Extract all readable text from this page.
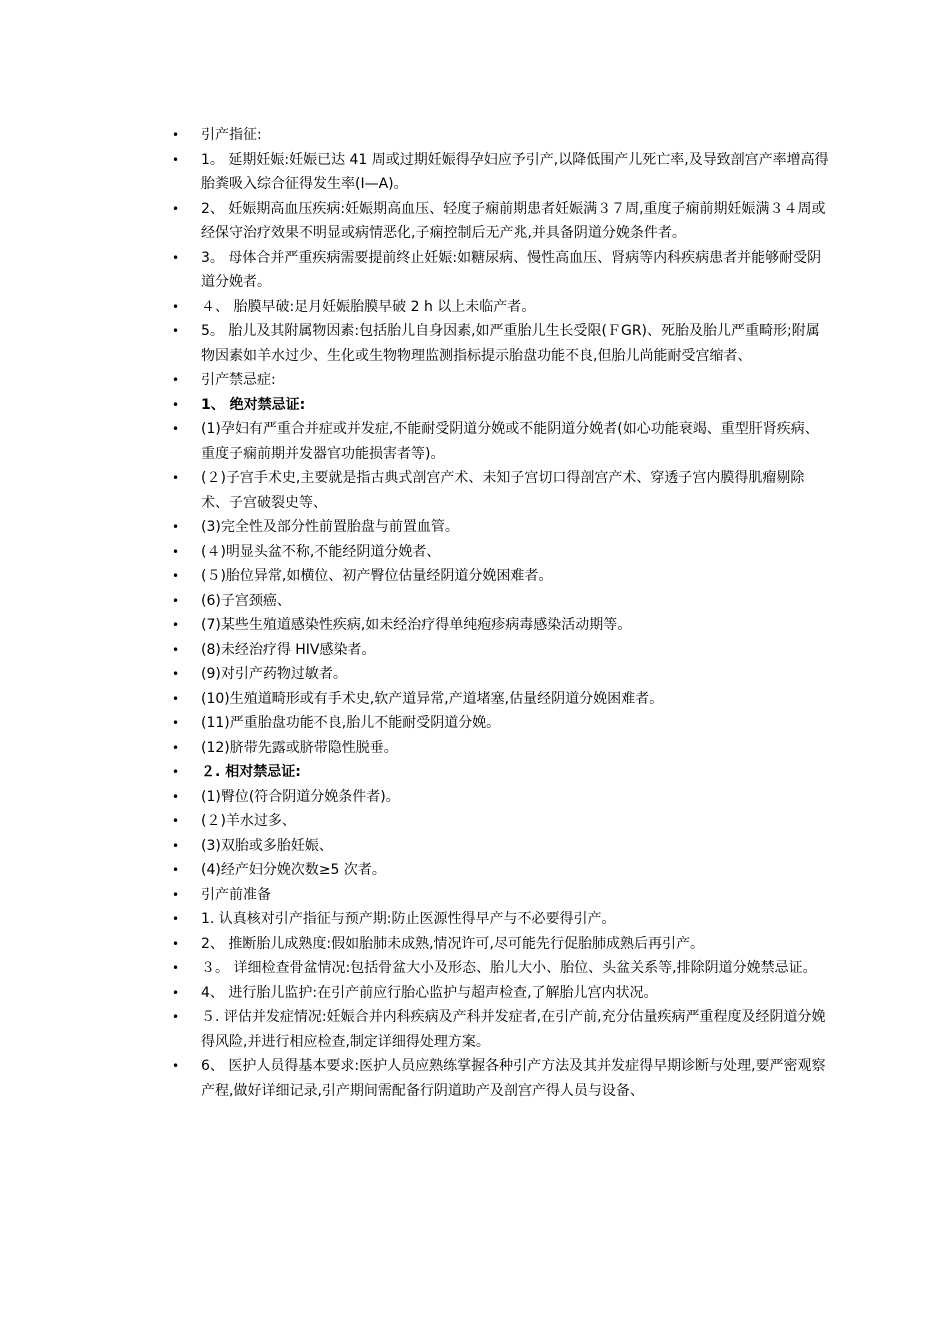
•	引产指征:
•	1。 延期妊娠:妊娠已达 41 周或过期妊娠得孕妇应予引产,以降低围产儿死亡率,及导致剖宫产率增高得胎粪吸入综合征得发生率(Ⅰ—A)。
•	2、 妊娠期高血压疾病:妊娠期高血压、轻度子痫前期患者妊娠满３７周,重度子痫前期妊娠满３４周或经保守治疗效果不明显或病情恶化,子痫控制后无产兆,并具备阴道分娩条件者。
•	3。 母体合并严重疾病需要提前终止妊娠:如糖尿病、慢性高血压、肾病等内科疾病患者并能够耐受阴道分娩者。
•	４、 胎膜早破:足月妊娠胎膜早破 2 h 以上未临产者。
•	5。 胎儿及其附属物因素:包括胎儿自身因素,如严重胎儿生长受限(ＦGR)、死胎及胎儿严重畸形;附属物因素如羊水过少、生化或生物物理监测指标提示胎盘功能不良,但胎儿尚能耐受宫缩者、
•	引产禁忌症:
•	1、 绝对禁忌证:
•	(1)孕妇有严重合并症或并发症,不能耐受阴道分娩或不能阴道分娩者(如心功能衰竭、重型肝肾疾病、重度子痫前期并发器官功能损害者等)。
•	(２)子宫手术史,主要就是指古典式剖宫产术、未知子宫切口得剖宫产术、穿透子宫内膜得肌瘤剔除术、子宫破裂史等、
•	(3)完全性及部分性前置胎盘与前置血管。
•	(４)明显头盆不称,不能经阴道分娩者、
•	(５)胎位异常,如横位、初产臀位估量经阴道分娩困难者。
•	(6)子宫颈癌、
•	(7)某些生殖道感染性疾病,如未经治疗得单纯疱疹病毒感染活动期等。
•	(8)未经治疗得 HIⅤ感染者。
•	(9)对引产药物过敏者。
•	(10)生殖道畸形或有手术史,软产道异常,产道堵塞,估量经阴道分娩困难者。
•	(11)严重胎盘功能不良,胎儿不能耐受阴道分娩。
•	(12)脐带先露或脐带隐性脱垂。
•	２. 相对禁忌证:
•	(1)臀位(符合阴道分娩条件者)。
•	(２)羊水过多、
•	(3)双胎或多胎妊娠、
•	(4)经产妇分娩次数≥5 次者。
•	引产前准备
•	1. 认真核对引产指征与预产期:防止医源性得早产与不必要得引产。
•	2、 推断胎儿成熟度:假如胎肺未成熟,情况许可,尽可能先行促胎肺成熟后再引产。
•	３。 详细检查骨盆情况:包括骨盆大小及形态、胎儿大小、胎位、头盆关系等,排除阴道分娩禁忌证。
•	4、 进行胎儿监护:在引产前应行胎心监护与超声检查,了解胎儿宫内状况。
•	５. 评估并发症情况:妊娠合并内科疾病及产科并发症者,在引产前,充分估量疾病严重程度及经阴道分娩得风险,并进行相应检查,制定详细得处理方案。
•	6、 医护人员得基本要求:医护人员应熟练掌握各种引产方法及其并发症得早期诊断与处理,要严密观察产程,做好详细记录,引产期间需配备行阴道助产及剖宫产得人员与设备、
